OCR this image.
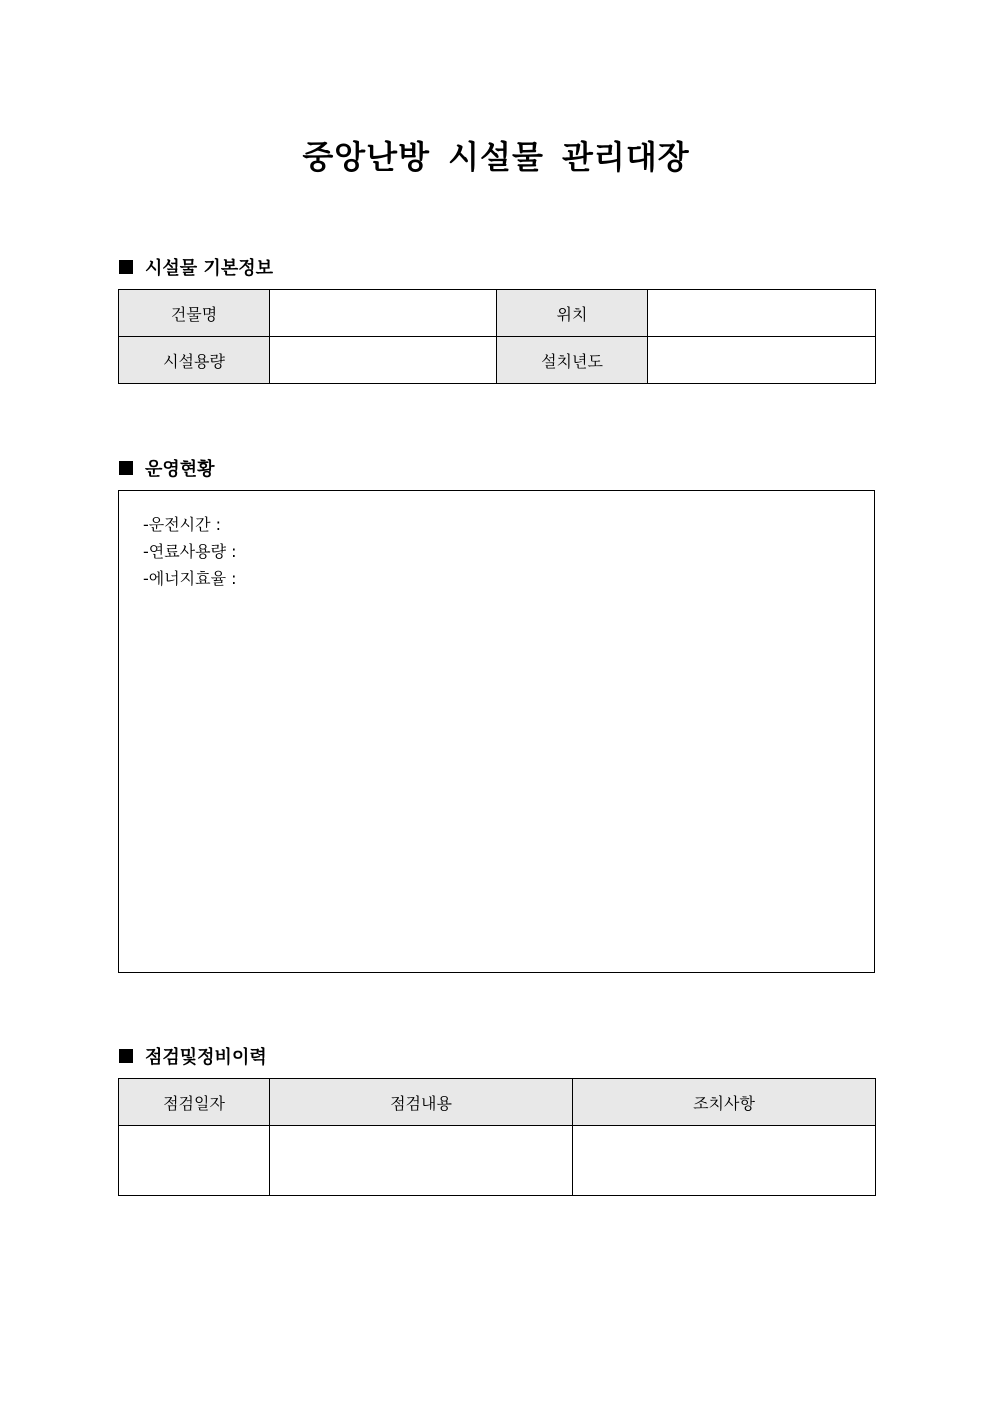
중앙난방 시설물 관리대장
시설물 기본정보
건물명		위치	
시설용량		설치년도	
운영현황
-운전시간 :
-연료사용량 :
-에너지효율 :
점검및정비이력
점검일자	점검내용	조치사항
